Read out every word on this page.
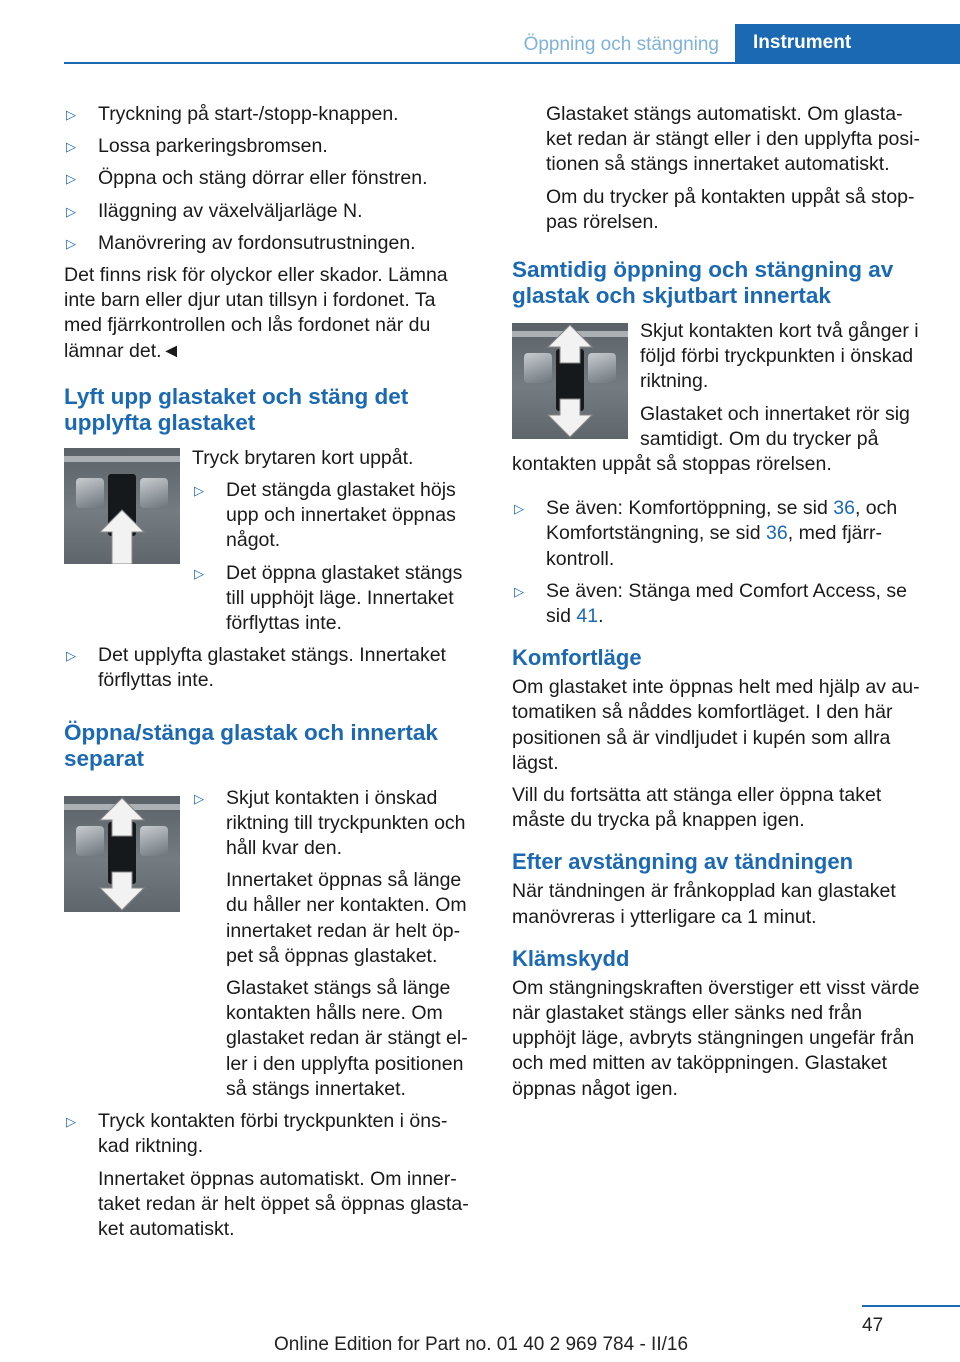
Öppning och stängning	Instrument
▷	Tryckning på start-/stopp-knappen.
▷	Lossa parkeringsbromsen.
▷	Öppna och stäng dörrar eller fönstren.
▷	Iläggning av växelväljarläge N.
▷	Manövrering av fordonsutrustningen.

Det finns risk för olyckor eller skador. Lämna inte barn eller djur utan tillsyn i fordonet. Ta med fjärrkontrollen och lås fordonet när du lämnar det.◄

Lyft upp glastaket och stäng det upplyfta glastaket

Tryck brytaren kort uppåt.

▷	Det stängda glastaket höjs upp och innertaket öppnas något.
▷	Det öppna glastaket stängs till upphöjt läge. Innertaket förflyttas inte.
▷	Det upplyfta glastaket stängs. Innertaket förflyttas inte.
Öppna/stänga glastak och innertak separat
▷	Skjut kontakten i önskad riktning till tryckpunkten och håll kvar den.

Innertaket öppnas så länge du håller ner kontakten. Om innertaket redan är helt öp-pet så öppnas glastaket.

Glastaket stängs så länge kontakten hålls nere. Om glastaket redan är stängt el-ler i den upplyfta positionen så stängs innertaket.

▷	Tryck kontakten förbi tryckpunkten i öns-kad riktning.

Innertaket öppnas automatiskt. Om inner-taket redan är helt öppet så öppnas glasta-ket automatiskt.

Glastaket stängs automatiskt. Om glasta-ket redan är stängt eller i den upplyfta posi-tionen så stängs innertaket automatiskt.

Om du trycker på kontakten uppåt så stop-pas rörelsen.

Samtidig öppning och stängning av glastak och skjutbart innertak

Skjut kontakten kort två gånger i följd förbi tryckpunkten i önskad riktning.

Glastaket och innertaket rör sig samtidigt. Om du trycker på kontakten uppåt så stoppas rörelsen.

▷	Se även: Komfortöppning, se sid 36, och Komfortstängning, se sid 36, med fjärr-kontroll.
▷	Se även: Stänga med Comfort Access, se sid 41.
Komfortläge

Om glastaket inte öppnas helt med hjälp av au-tomatiken så nåddes komfortläget. I den här positionen så är vindljudet i kupén som allra lägst.

Vill du fortsätta att stänga eller öppna taket måste du trycka på knappen igen.

Efter avstängning av tändningen

När tändningen är frånkopplad kan glastaket manövreras i ytterligare ca 1 minut.

Klämskydd

Om stängningskraften överstiger ett visst värde när glastaket stängs eller sänks ned från upphöjt läge, avbryts stängningen ungefär från och med mitten av taköppningen. Glastaket öppnas något igen.

47
Online Edition for Part no. 01 40 2 969 784 - II/16
